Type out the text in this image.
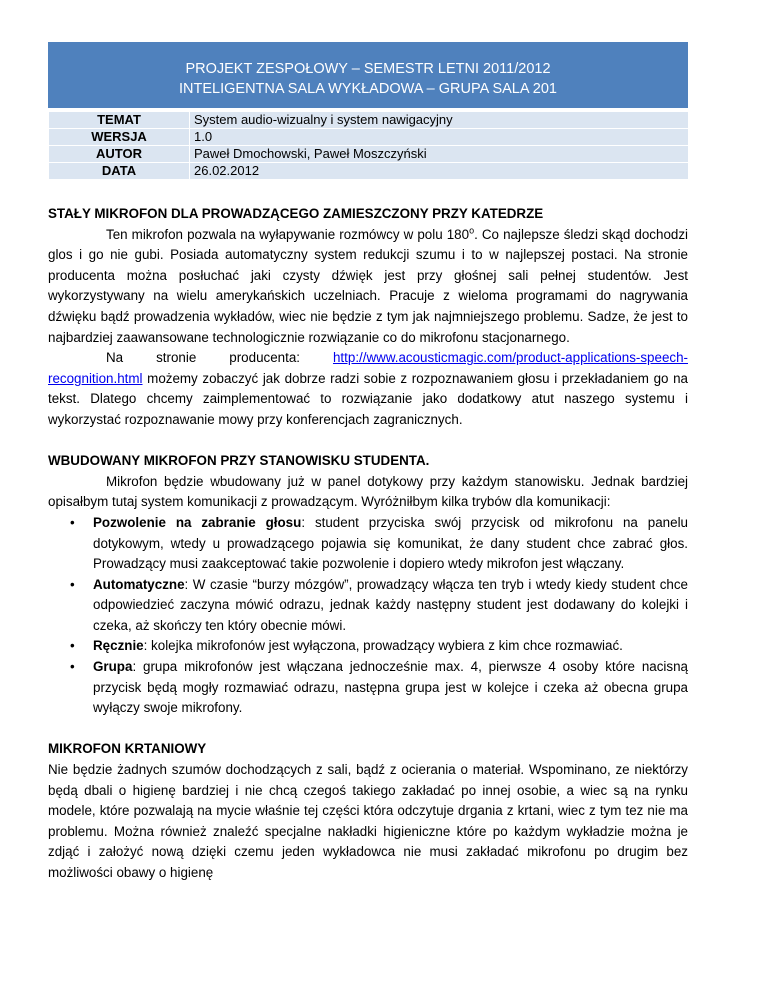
PROJEKT ZESPOŁOWY – SEMESTR LETNI 2011/2012
INTELIGENTNA SALA WYKŁADOWA – GRUPA SALA 201
TEMAT	System audio-wizualny i system nawigacyjny
WERSJA	1.0
AUTOR	Paweł Dmochowski, Paweł Moszczyński
DATA	26.02.2012

STAŁY MIKROFON DLA PROWADZĄCEGO ZAMIESZCZONY PRZY KATEDRZE

Ten mikrofon pozwala na wyłapywanie rozmówcy w polu 180$^o$. Co najlepsze śledzi skąd dochodzi glos i go nie gubi. Posiada automatyczny system redukcji szumu i to w najlepszej postaci. Na stronie producenta można posłuchać jaki czysty dźwięk jest przy głośnej sali pełnej studentów. Jest wykorzystywany na wielu amerykańskich uczelniach. Pracuje z wieloma programami do nagrywania dźwięku bądź prowadzenia wykładów, wiec nie będzie z tym jak najmniejszego problemu. Sadze, że jest to najbardziej zaawansowane technologicznie rozwiązanie co do mikrofonu stacjonarnego.

Na stronie producenta: http://www.acousticmagic.com/product-applications-speech-recognition.html możemy zobaczyć jak dobrze radzi sobie z rozpoznawaniem głosu i przekładaniem go na tekst. Dlatego chcemy zaimplementować to rozwiązanie jako dodatkowy atut naszego systemu i wykorzystać rozpoznawanie mowy przy konferencjach zagranicznych.

WBUDOWANY MIKROFON PRZY STANOWISKU STUDENTA.

Mikrofon będzie wbudowany już w panel dotykowy przy każdym stanowisku. Jednak bardziej opisałbym tutaj system komunikacji z prowadzącym. Wyróżniłbym kilka trybów dla komunikacji:

• Pozwolenie na zabranie głosu: student przyciska swój przycisk od mikrofonu na panelu dotykowym, wtedy u prowadzącego pojawia się komunikat, że dany student chce zabrać głos. Prowadzący musi zaakceptować takie pozwolenie i dopiero wtedy mikrofon jest włączany.
• Automatyczne: W czasie “burzy mózgów”, prowadzący włącza ten tryb i wtedy kiedy student chce odpowiedzieć zaczyna mówić odrazu, jednak każdy następny student jest dodawany do kolejki i czeka, aż skończy ten który obecnie mówi.
• Ręcznie: kolejka mikrofonów jest wyłączona, prowadzący wybiera z kim chce rozmawiać.
• Grupa: grupa mikrofonów jest włączana jednocześnie max. 4, pierwsze 4 osoby które nacisną przycisk będą mogły rozmawiać odrazu, następna grupa jest w kolejce i czeka aż obecna grupa wyłączy swoje mikrofony.

MIKROFON KRTANIOWY

Nie będzie żadnych szumów dochodzących z sali, bądź z ocierania o materiał. Wspominano, ze niektórzy będą dbali o higienę bardziej i nie chcą czegoś takiego zakładać po innej osobie, a wiec są na rynku modele, które pozwalają na mycie właśnie tej części która odczytuje drgania z krtani, wiec z tym tez nie ma problemu. Można również znaleźć specjalne nakładki higieniczne które po każdym wykładzie można je zdjąć i założyć nową dzięki czemu jeden wykładowca nie musi zakładać mikrofonu po drugim bez możliwości obawy o higienę
